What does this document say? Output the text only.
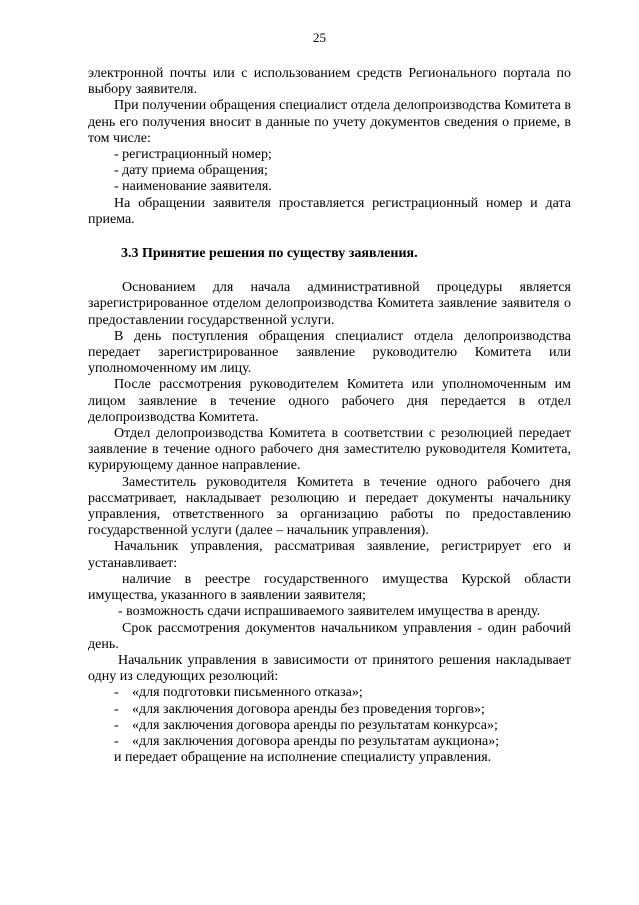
25

электронной почты или с использованием средств Регионального портала по выбору заявителя.

При получении обращения специалист отдела делопроизводства Комитета в день его получения вносит в данные по учету документов сведения о приеме, в том числе:

- регистрационный номер;

- дату приема обращения;

- наименование заявителя.

На обращении заявителя проставляется регистрационный номер и дата приема.

3.3 Принятие решения по существу заявления.

Основанием для начала административной процедуры является зарегистрированное отделом делопроизводства Комитета заявление заявителя о предоставлении государственной услуги.

В день поступления обращения специалист отдела делопроизводства передает зарегистрированное заявление руководителю Комитета или уполномоченному им лицу.

После рассмотрения руководителем Комитета или уполномоченным им лицом заявление в течение одного рабочего дня передается в отдел делопроизводства Комитета.

Отдел делопроизводства Комитета в соответствии с резолюцией передает заявление в течение одного рабочего дня заместителю руководителя Комитета, курирующему данное направление.

Заместитель руководителя Комитета в течение одного рабочего дня рассматривает, накладывает резолюцию и передает документы начальнику управления, ответственного за организацию работы по предоставлению государственной услуги (далее – начальник управления).

Начальник управления, рассматривая заявление, регистрирует его и устанавливает:

наличие в реестре государственного имущества Курской области имущества, указанного в заявлении заявителя;

- возможность сдачи испрашиваемого заявителем имущества в аренду.

Срок рассмотрения документов начальником управления - один рабочий день.

Начальник управления в зависимости от принятого решения накладывает одну из следующих резолюций:

- «для подготовки письменного отказа»;

- «для заключения договора аренды без проведения торгов»;

- «для заключения договора аренды по результатам конкурса»;

- «для заключения договора аренды по результатам аукциона»;

и передает обращение на исполнение специалисту управления.
